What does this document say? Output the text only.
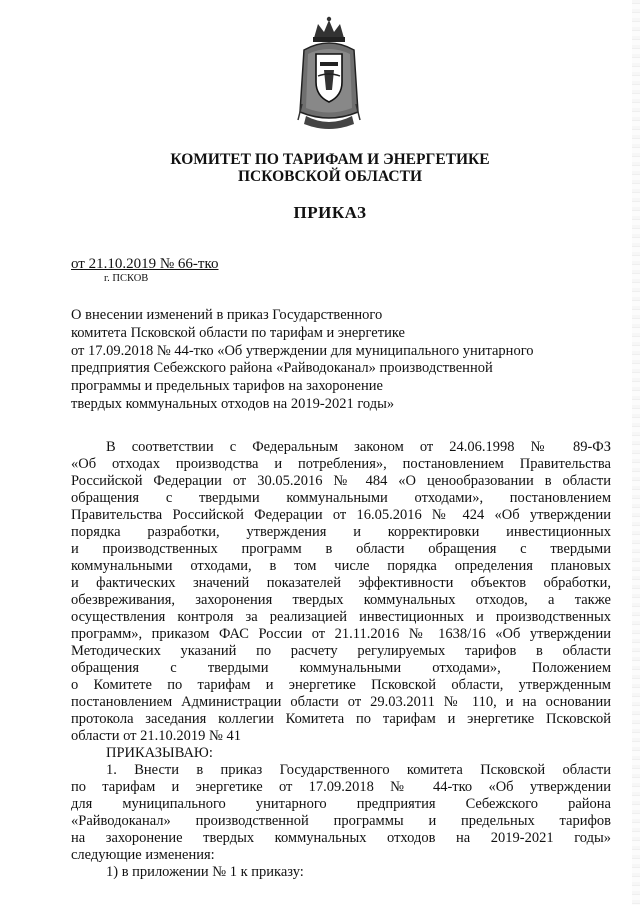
КОМИТЕТ ПО ТАРИФАМ И ЭНЕРГЕТИКЕ
ПСКОВСКОЙ ОБЛАСТИ
ПРИКАЗ
от 21.10.2019 № 66-тко
г. ПСКОВ
О внесении изменений в приказ Государственного
комитета Псковской области по тарифам и энергетике
от 17.09.2018 № 44-тко «Об утверждении для муниципального унитарного
предприятия Себежского района «Райводоканал» производственной
программы и предельных тарифов на захоронение
твердых коммунальных отходов на 2019-2021 годы»
В соответствии с Федеральным законом от 24.06.1998 № 89-ФЗ
«Об отходах производства и потребления», постановлением Правительства
Российской Федерации от 30.05.2016 № 484 «О ценообразовании в области
обращения с твердыми коммунальными отходами», постановлением
Правительства Российской Федерации от 16.05.2016 № 424 «Об утверждении
порядка разработки, утверждения и корректировки инвестиционных
и производственных программ в области обращения с твердыми
коммунальными отходами, в том числе порядка определения плановых
и фактических значений показателей эффективности объектов обработки,
обезвреживания, захоронения твердых коммунальных отходов, а также
осуществления контроля за реализацией инвестиционных и производственных
программ», приказом ФАС России от 21.11.2016 № 1638/16 «Об утверждении
Методических указаний по расчету регулируемых тарифов в области
обращения с твердыми коммунальными отходами», Положением
о Комитете по тарифам и энергетике Псковской области, утвержденным
постановлением Администрации области от 29.03.2011 № 110, и на основании
протокола заседания коллегии Комитета по тарифам и энергетике Псковской
области от 21.10.2019 № 41
ПРИКАЗЫВАЮ:
1. Внести в приказ Государственного комитета Псковской области
по тарифам и энергетике от 17.09.2018 № 44-тко «Об утверждении
для муниципального унитарного предприятия Себежского района
«Райводоканал» производственной программы и предельных тарифов
на захоронение твердых коммунальных отходов на 2019-2021 годы»
следующие изменения:
1) в приложении № 1 к приказу:
